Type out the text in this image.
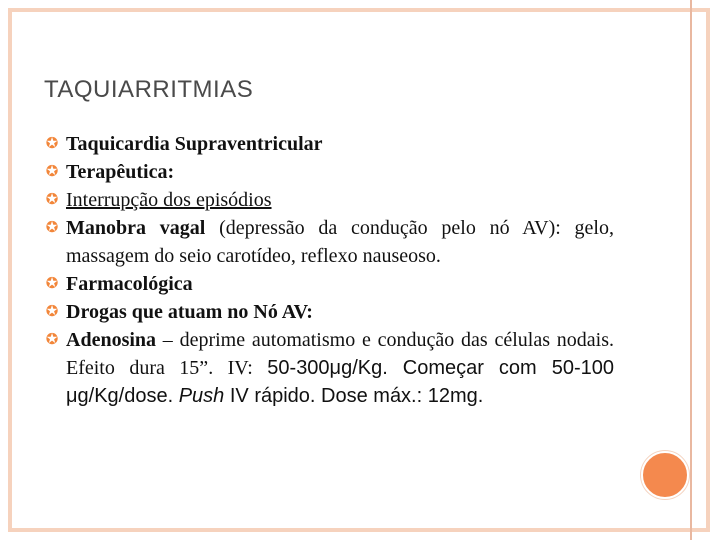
TAQUIARRITMIAS

✪ Taquicardia Supraventricular

✪ Terapêutica:

✪ Interrupção dos episódios

✪ Manobra vagal (depressão da condução pelo nó AV): gelo, massagem do seio carotídeo, reflexo nauseoso.

✪ Farmacológica

✪ Drogas que atuam no Nó AV:

✪ Adenosina – deprime automatismo e condução das células nodais. Efeito dura 15”. IV: 50-300μg/Kg. Começar com 50-100 μg/Kg/dose. Push IV rápido. Dose máx.: 12mg.
